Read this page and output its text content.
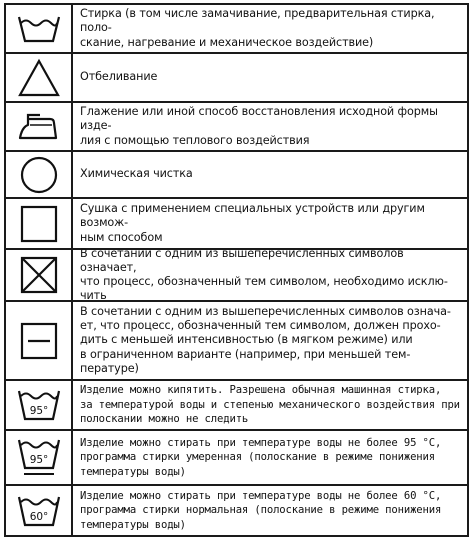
Стирка (в том числе замачивание, предварительная стирка, поло-
скание, нагревание и механическое воздействие)
Отбеливание
Глажение или иной способ восстановления исходной формы изде-
лия с помощью теплового воздействия
Химическая чистка
Сушка с применением специальных устройств или другим возмож-
ным способом
В сочетании с одним из вышеперечисленных символов означает,
что процесс, обозначенный тем символом, необходимо исклю-
чить
В сочетании с одним из вышеперечисленных символов означа-
ет, что процесс, обозначенный тем символом, должен прохо-
дить с меньшей интенсивностью (в мягком режиме) или
в ограниченном варианте (например, при меньшей тем-
пературе)
95°
Изделие можно кипятить. Разрешена обычная машинная стирка,
за температурой воды и степенью механического воздействия при
полоскании можно не следить
95°
Изделие можно стирать при температуре воды не более 95 °С,
программа стирки умеренная (полоскание в режиме понижения
температуры воды)
60°
Изделие можно стирать при температуре воды не более 60 °С,
программа стирки нормальная (полоскание в режиме понижения
температуры воды)
